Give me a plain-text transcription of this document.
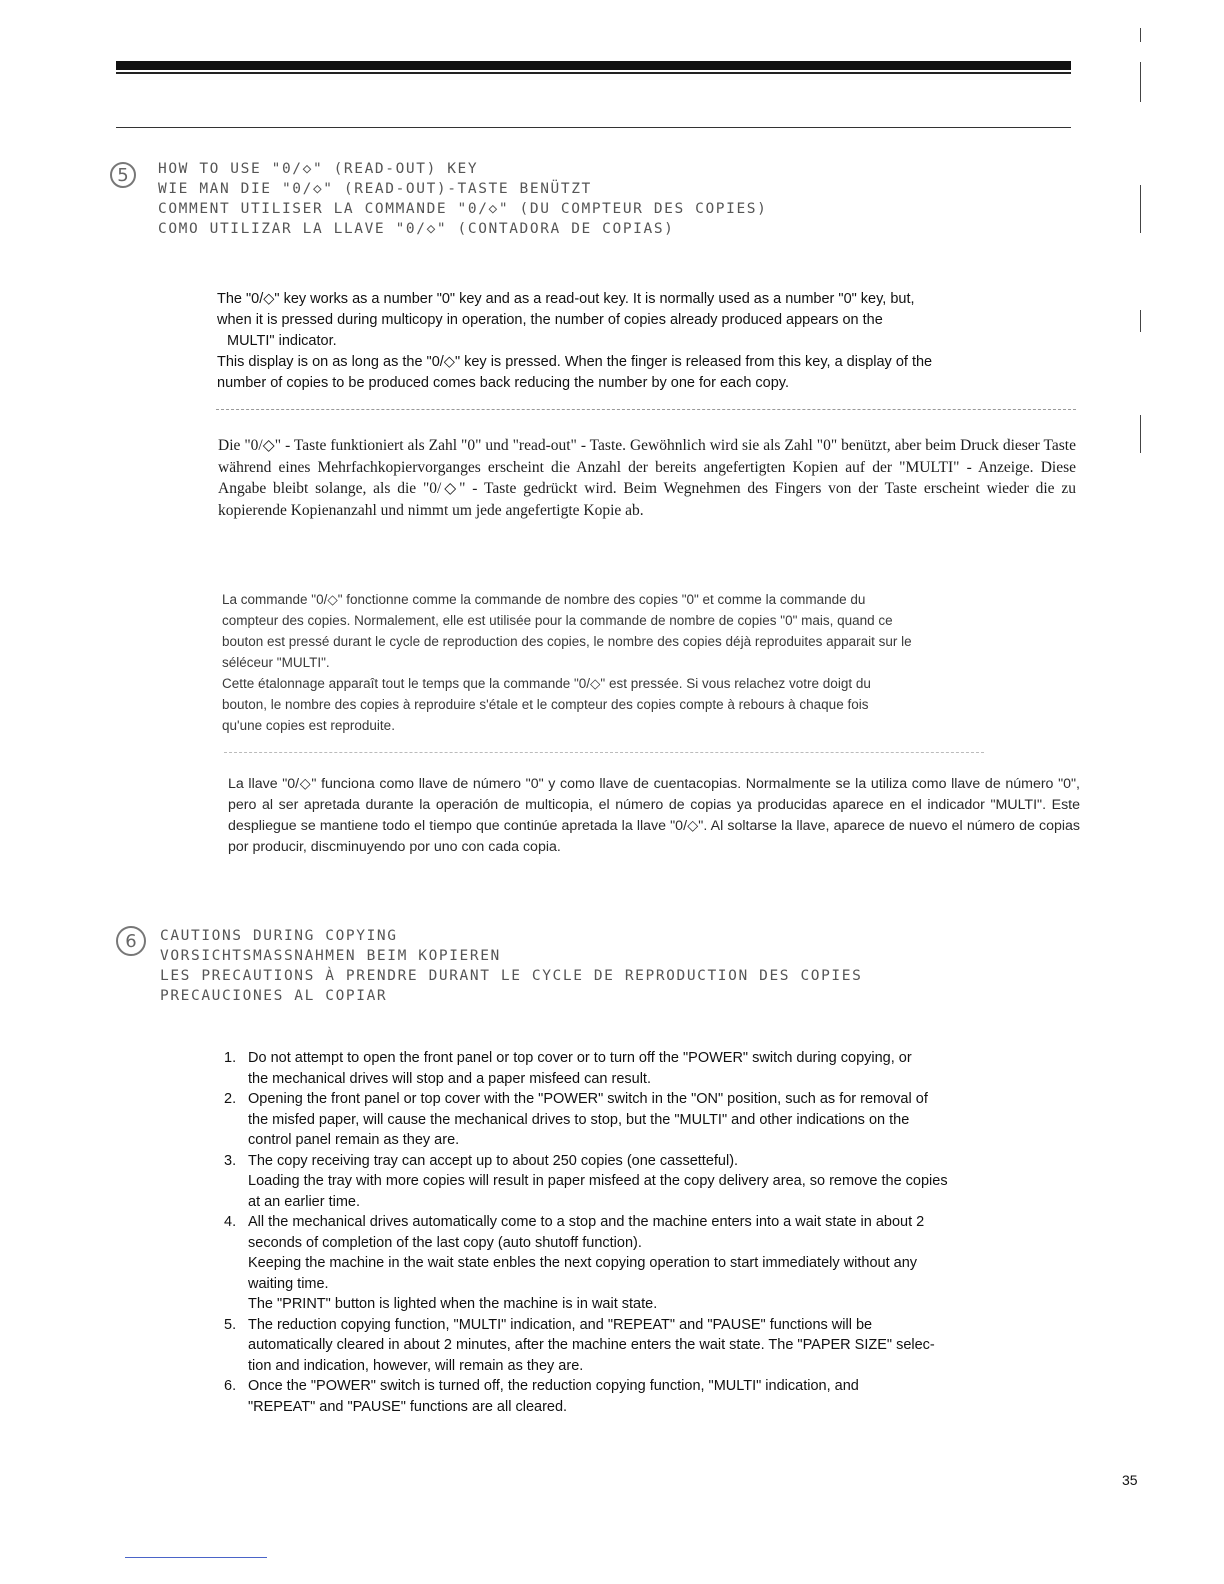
5 HOW TO USE "0/◇" (READ-OUT) KEY
WIE MAN DIE "0/◇" (READ-OUT)-TASTE BENÜTZT
COMMENT UTILISER LA COMMANDE "0/◇" (DU COMPTEUR DES COPIES)
COMO UTILIZAR LA LLAVE "0/◇" (CONTADORA DE COPIAS)
The "0/◇" key works as a number "0" key and as a read-out key. It is normally used as a number "0" key, but,
when it is pressed during multicopy in operation, the number of copies already produced appears on the
MULTI" indicator.
This display is on as long as the "0/◇" key is pressed. When the finger is released from this key, a display of the
number of copies to be produced comes back reducing the number by one for each copy.

Die "0/◇" - Taste funktioniert als Zahl "0" und "read-out" - Taste. Gewöhnlich wird sie als Zahl "0" benützt, aber beim Druck dieser Taste während eines Mehrfachkopiervorganges erscheint die Anzahl der bereits angefertigten Kopien auf der "MULTI" - Anzeige. Diese Angabe bleibt solange, als die "0/◇" - Taste gedrückt wird. Beim Wegnehmen des Fingers von der Taste erscheint wieder die zu kopierende Kopienanzahl und nimmt um jede angefertigte Kopie ab.

La commande "0/◇" fonctionne comme la commande de nombre des copies "0" et comme la commande du
compteur des copies. Normalement, elle est utilisée pour la commande de nombre de copies "0" mais, quand ce
bouton est pressé durant le cycle de reproduction des copies, le nombre des copies déjà reproduites apparait sur le
séléceur "MULTI".
Cette étalonnage apparaît tout le temps que la commande "0/◇" est pressée. Si vous relachez votre doigt du
bouton, le nombre des copies à reproduire s'étale et le compteur des copies compte à rebours à chaque fois
qu'une copies est reproduite.

La llave "0/◇" funciona como llave de número "0" y como llave de cuentacopias. Normalmente se la utiliza como llave de número "0", pero al ser apretada durante la operación de multicopia, el número de copias ya producidas aparece en el indicador "MULTI". Este despliegue se mantiene todo el tiempo que continúe apretada la llave "0/◇". Al soltarse la llave, aparece de nuevo el número de copias por producir, discminuyendo por uno con cada copia.

6 CAUTIONS DURING COPYING
VORSICHTSMASSNAHMEN BEIM KOPIEREN
LES PRECAUTIONS À PRENDRE DURANT LE CYCLE DE REPRODUCTION DES COPIES
PRECAUCIONES AL COPIAR
1. Do not attempt to open the front panel or top cover or to turn off the "POWER" switch during copying, or
the mechanical drives will stop and a paper misfeed can result.
2. Opening the front panel or top cover with the "POWER" switch in the "ON" position, such as for removal of
the misfed paper, will cause the mechanical drives to stop, but the "MULTI" and other indications on the
control panel remain as they are.
3. The copy receiving tray can accept up to about 250 copies (one cassetteful).
Loading the tray with more copies will result in paper misfeed at the copy delivery area, so remove the copies
at an earlier time.
4. All the mechanical drives automatically come to a stop and the machine enters into a wait state in about 2
seconds of completion of the last copy (auto shutoff function).
Keeping the machine in the wait state enbles the next copying operation to start immediately without any
waiting time.
The "PRINT" button is lighted when the machine is in wait state.
5. The reduction copying function, "MULTI" indication, and "REPEAT" and "PAUSE" functions will be
automatically cleared in about 2 minutes, after the machine enters the wait state. The "PAPER SIZE" selec-
tion and indication, however, will remain as they are.
6. Once the "POWER" switch is turned off, the reduction copying function, "MULTI" indication, and
"REPEAT" and "PAUSE" functions are all cleared.
35
